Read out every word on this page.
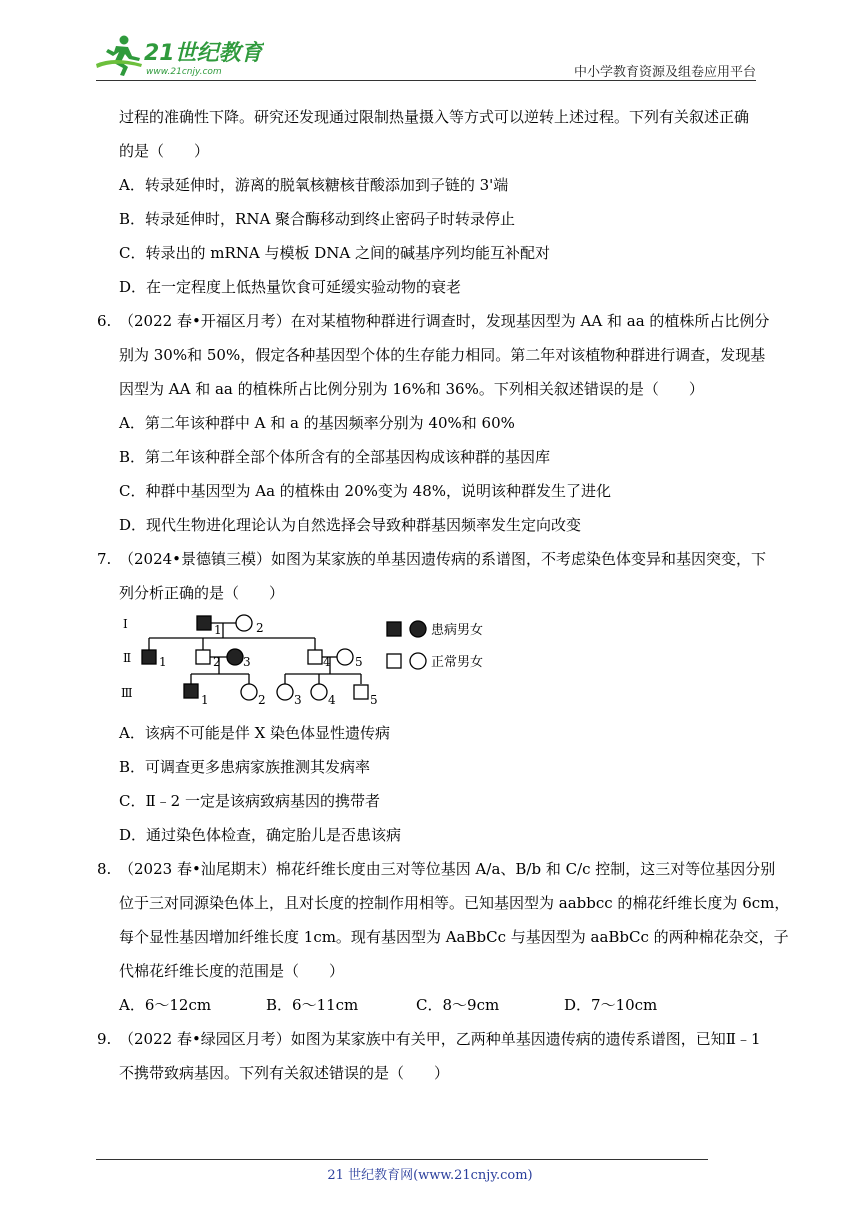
21世纪教育
www.21cnjy.com	中小学教育资源及组卷应用平台
过程的准确性下降。研究还发现通过限制热量摄入等方式可以逆转上述过程。下列有关叙述正确
的是（　　）
A．转录延伸时，游离的脱氧核糖核苷酸添加到子链的 3'端
B．转录延伸时，RNA 聚合酶移动到终止密码子时转录停止
C．转录出的 mRNA 与模板 DNA 之间的碱基序列均能互补配对
D．在一定程度上低热量饮食可延缓实验动物的衰老
6. （2022 春•开福区月考）在对某植物种群进行调查时，发现基因型为 AA 和 aa 的植株所占比例分
别为 30%和 50%，假定各种基因型个体的生存能力相同。第二年对该植物种群进行调查，发现基
因型为 AA 和 aa 的植株所占比例分别为 16%和 36%。下列相关叙述错误的是（　　）
A．第二年该种群中 A 和 a 的基因频率分别为 40%和 60%
B．第二年该种群全部个体所含有的全部基因构成该种群的基因库
C．种群中基因型为 Aa 的植株由 20%变为 48%，说明该种群发生了进化
D．现代生物进化理论认为自然选择会导致种群基因频率发生定向改变
7. （2024•景德镇三模）如图为某家族的单基因遗传病的系谱图，不考虑染色体变异和基因突变，下
列分析正确的是（　　）
Ⅰ
Ⅱ
Ⅲ
1	2
1	2 3	4 5
1	2 3 4	5
患病男女
正常男女
A．该病不可能是伴 X 染色体显性遗传病
B．可调查更多患病家族推测其发病率
C．Ⅱ﹣2 一定是该病致病基因的携带者
D．通过染色体检查，确定胎儿是否患该病
8. （2023 春•汕尾期末）棉花纤维长度由三对等位基因 A/a、B/b 和 C/c 控制，这三对等位基因分别
位于三对同源染色体上，且对长度的控制作用相等。已知基因型为 aabbcc 的棉花纤维长度为 6cm，
每个显性基因增加纤维长度 1cm。现有基因型为 AaBbCc 与基因型为 aaBbCc 的两种棉花杂交，子
代棉花纤维长度的范围是（　　）
A．6～12cm	B．6～11cm	C．8～9cm	D．7～10cm
9. （2022 春•绿园区月考）如图为某家族中有关甲，乙两种单基因遗传病的遗传系谱图，已知Ⅱ﹣1
不携带致病基因。下列有关叙述错误的是（　　）
21 世纪教育网(www.21cnjy.com)
